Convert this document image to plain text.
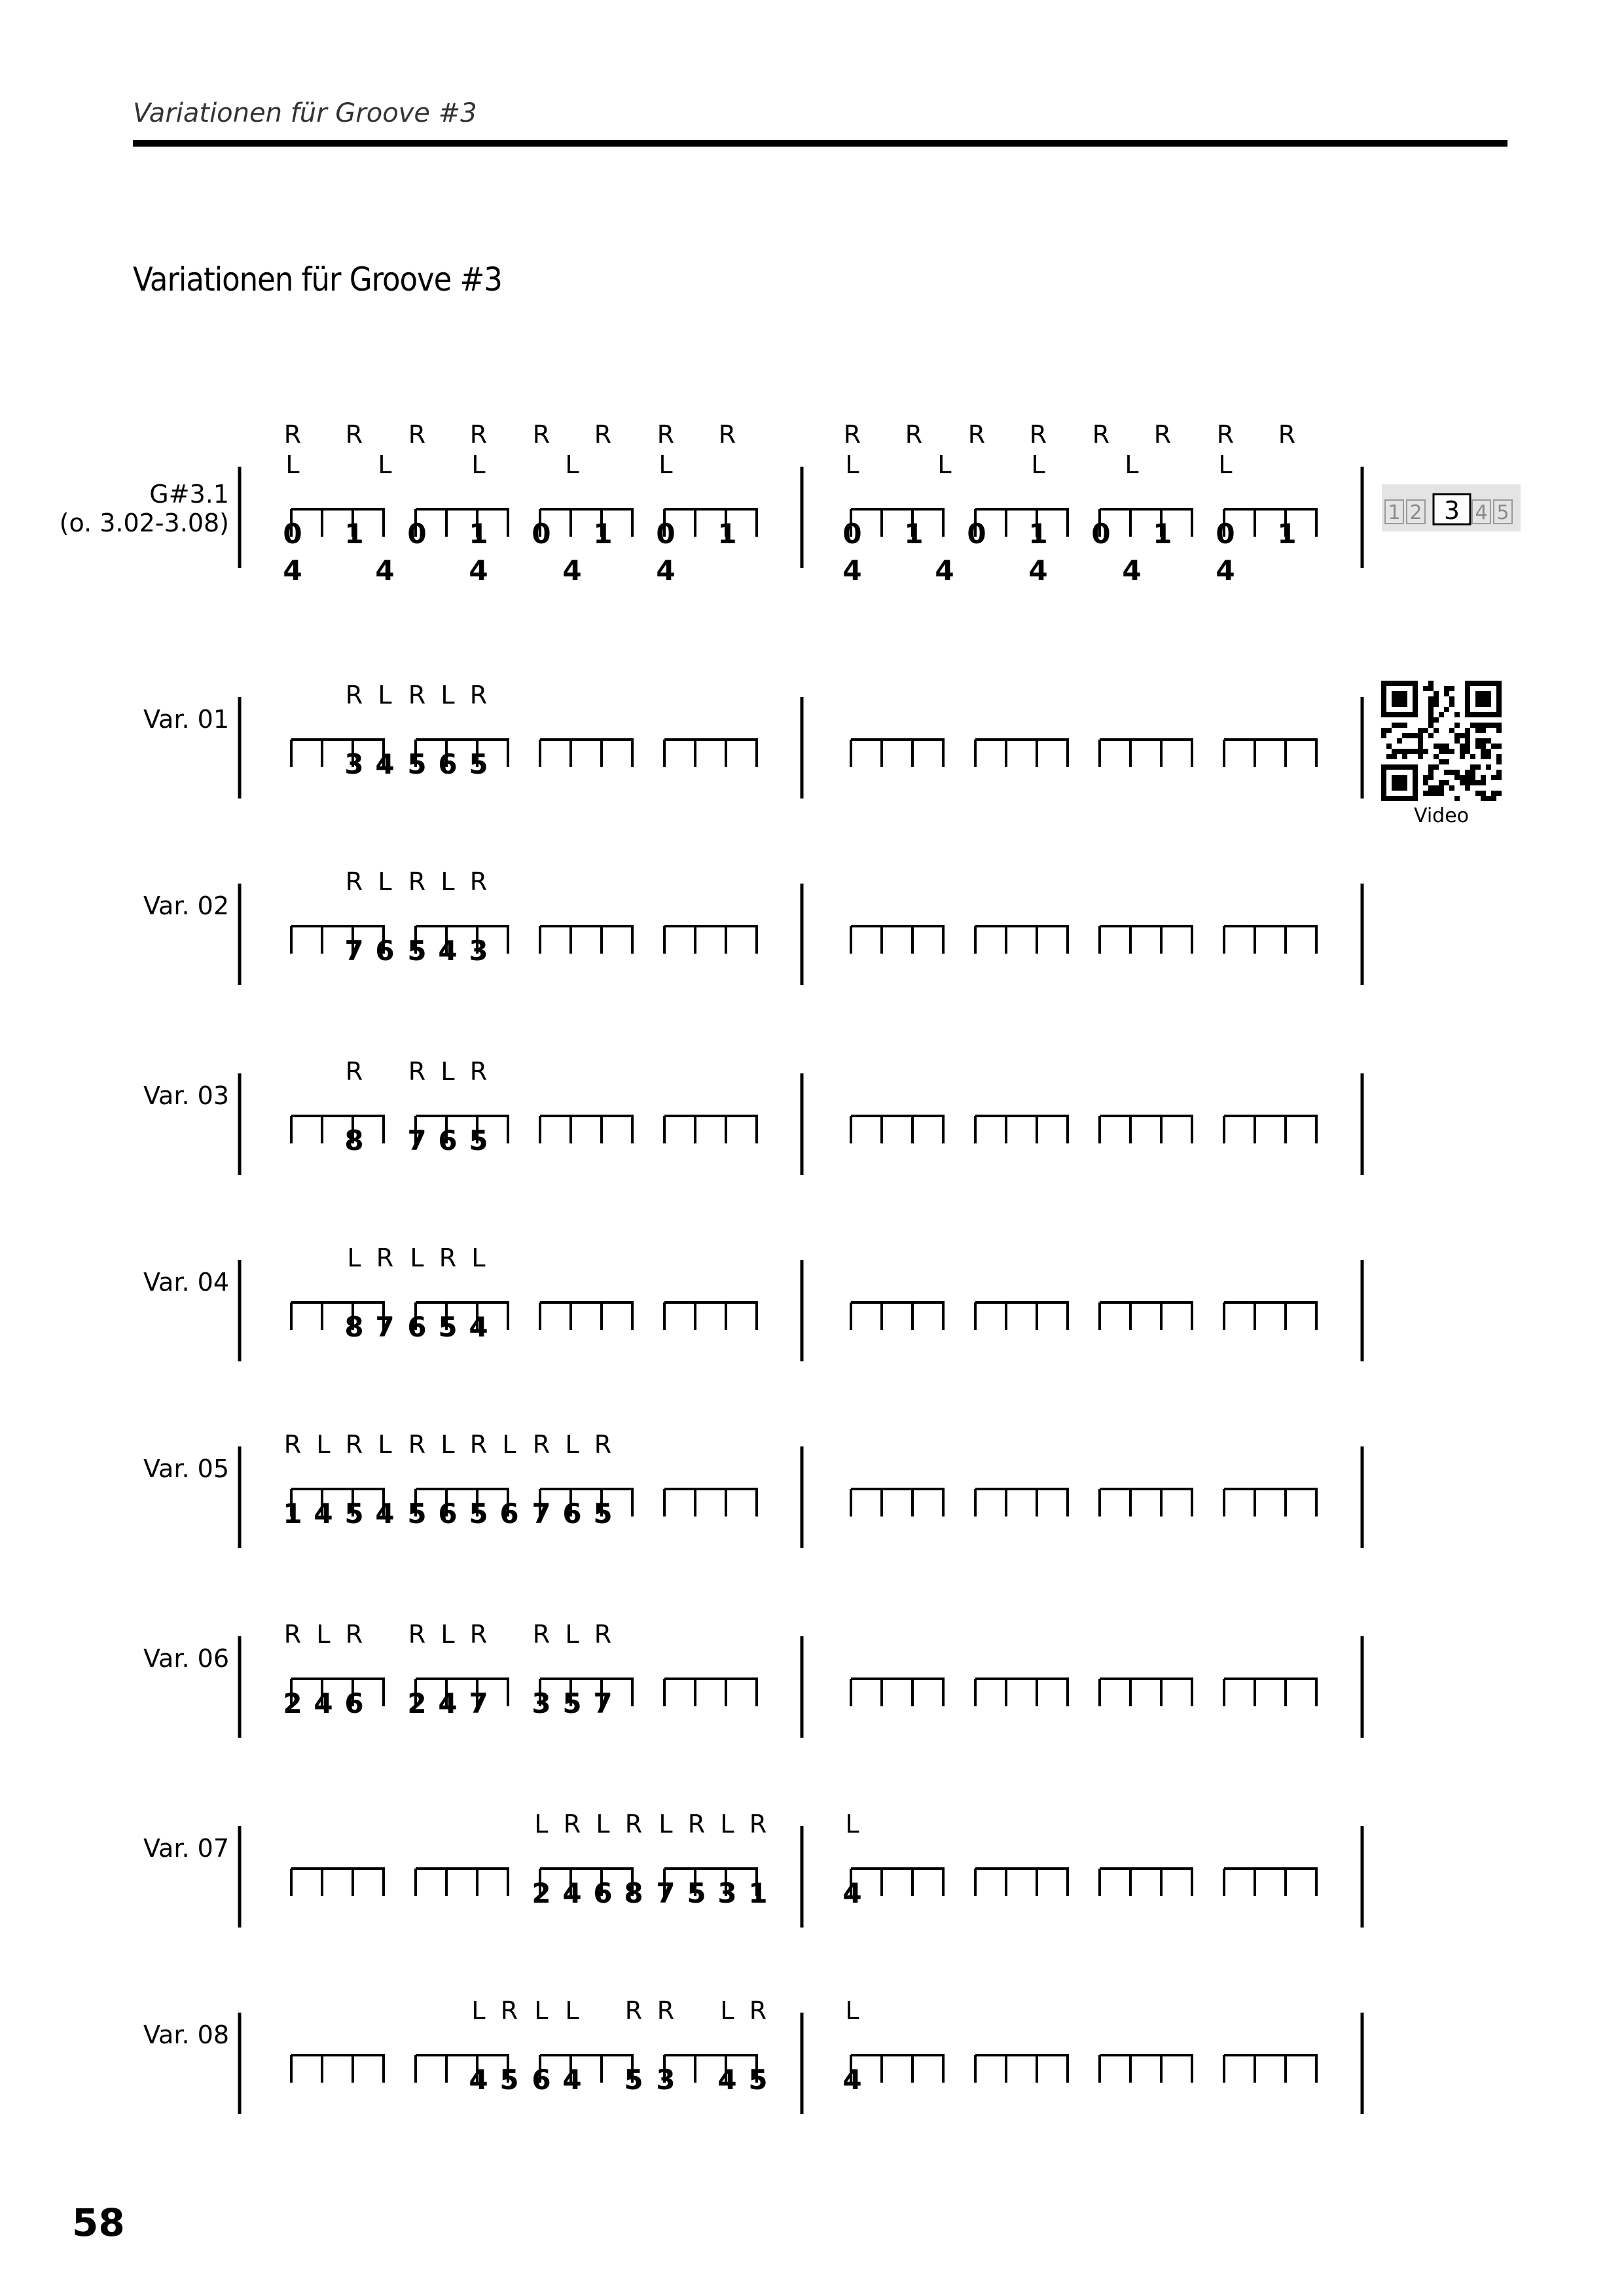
Variationen für Groove #3
Variationen für Groove #3
G#3.1
(o. 3.02-3.08)
R R R R R R R R	R R R R R R R R
L	L	L	L	L	L	L	L	L	L
0 1 0 1 0 1 0 1	0 1 0 1 0 1 0 1
4	4	4	4	4	4	4	4	4	4
Var. 01
R L R L R
3 4 5 6 5
Var. 02
R L R L R
7 6 5 4 3
Var. 03
R R L R
8 7 6 5
Var. 04
L R L R L
8 7 6 5 4
Var. 05
R L R L R L R L R L R
1 4 5 4 5 6 5 6 7 6 5
Var. 06
R L R R L R R L R
2 4 6 2 4 7 3 5 7
Var. 07
L R L R L R L R	L
2 4 6 8 7 5 3 1	4
Var. 08
L R L L R R L R	L
4 5 6 4 5 3 4 5	4
1 2 3 4 5
Video
58
